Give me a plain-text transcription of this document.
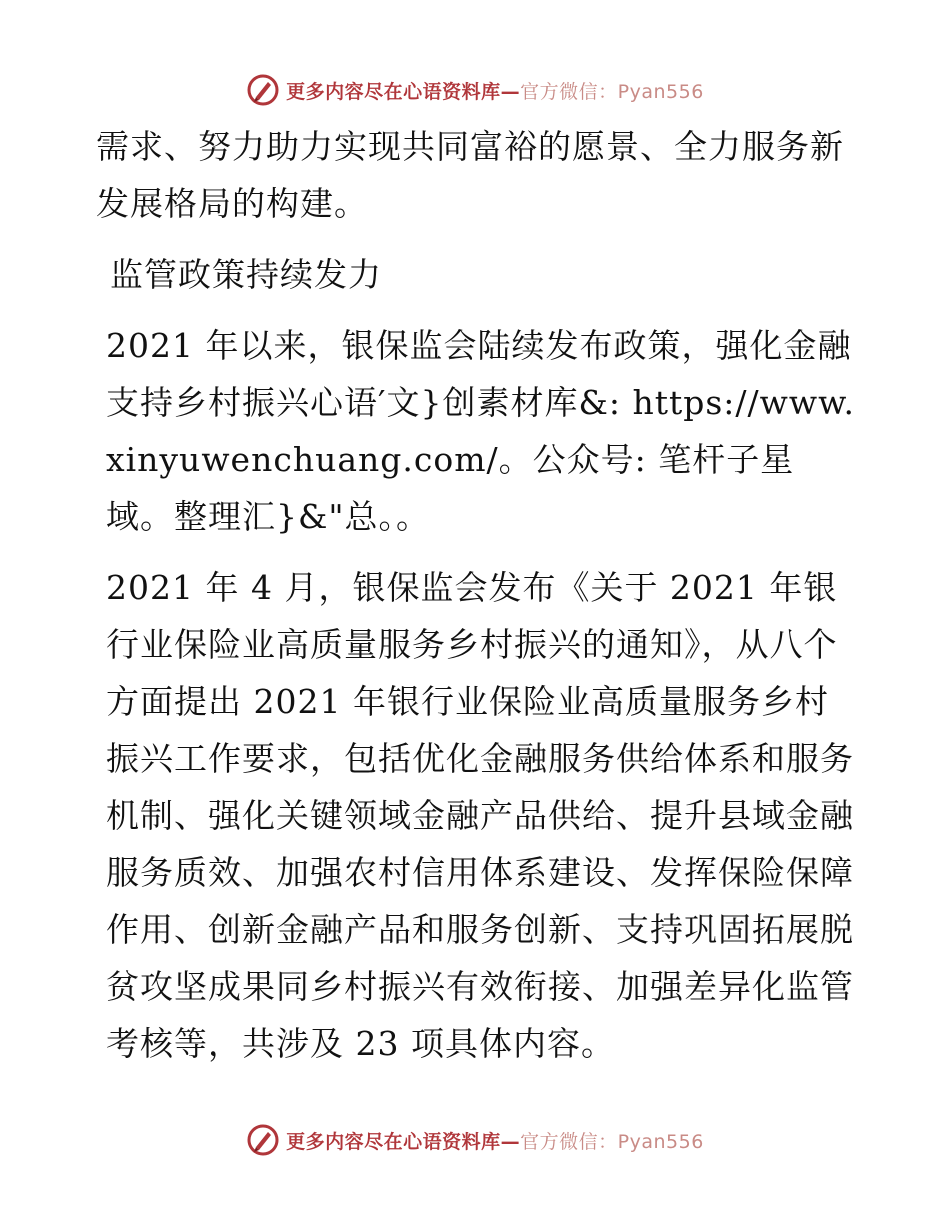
更多内容尽在心语资料库— 官方微信：Pyan556

需求、努力助力实现共同富裕的愿景、全力服务新发展格局的构建。

监管政策持续发力

2021 年以来，银保监会陆续发布政策，强化金融支持乡村振兴心语′文}创素材库&: https://www.xinyuwenchuang.com/。公众号: 笔杆子星域。整理汇}&"总。。

2021 年 4 月，银保监会发布《关于 2021 年银行业保险业高质量服务乡村振兴的通知》，从八个方面提出 2021 年银行业保险业高质量服务乡村振兴工作要求，包括优化金融服务供给体系和服务机制、强化关键领域金融产品供给、提升县域金融服务质效、加强农村信用体系建设、发挥保险保障作用、创新金融产品和服务创新、支持巩固拓展脱贫攻坚成果同乡村振兴有效衔接、加强差异化监管考核等，共涉及 23 项具体内容。

更多内容尽在心语资料库— 官方微信：Pyan556
